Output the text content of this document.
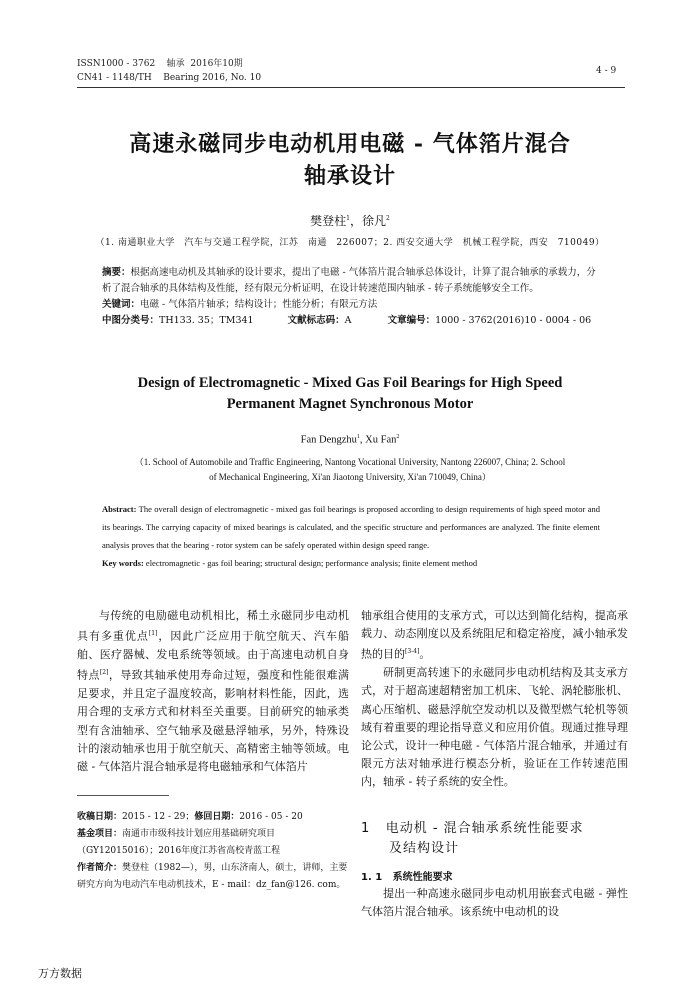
ISSN1000 - 3762 轴承 2016年10期
CN41 - 1148/TH Bearing 2016, No. 10
4 - 9
高速永磁同步电动机用电磁 - 气体箔片混合
轴承设计
樊登柱$^1$，徐凡$^2$
（1. 南通职业大学　汽车与交通工程学院，江苏　南通　226007；2. 西安交通大学　机械工程学院，西安　710049）
摘要：根据高速电动机及其轴承的设计要求，提出了电磁 - 气体箔片混合轴承总体设计，计算了混合轴承的承载力，分析了混合轴承的具体结构及性能，经有限元分析证明，在设计转速范围内轴承 - 转子系统能够安全工作。
关键词：电磁 - 气体箔片轴承；结构设计；性能分析；有限元方法
中图分类号：TH133. 35；TM341	文献标志码：A	文章编号：1000 - 3762(2016)10 - 0004 - 06
Design of Electromagnetic - Mixed Gas Foil Bearings for High Speed
Permanent Magnet Synchronous Motor
Fan Dengzhu$^1$, Xu Fan$^2$
（1. School of Automobile and Traffic Engineering, Nantong Vocational University, Nantong 226007, China; 2. School
of Mechanical Engineering, Xi'an Jiaotong University, Xi'an 710049, China）
Abstract: The overall design of electromagnetic - mixed gas foil bearings is proposed according to design requirements of high speed motor and its bearings. The carrying capacity of mixed bearings is calculated, and the specific structure and performances are analyzed. The finite element analysis proves that the bearing - rotor system can be safely operated within design speed range.
Key words: electromagnetic - gas foil bearing; structural design; performance analysis; finite element method

与传统的电励磁电动机相比，稀土永磁同步电动机具有多重优点[1]，因此广泛应用于航空航天、汽车船舶、医疗器械、发电系统等领域。由于高速电动机自身特点[2]，导致其轴承使用寿命过短，强度和性能很难满足要求，并且定子温度较高，影响材料性能，因此，选用合理的支承方式和材料至关重要。目前研究的轴承类型有含油轴承、空气轴承及磁悬浮轴承，另外，特殊设计的滚动轴承也用于航空航天、高精密主轴等领域。电磁 - 气体箔片混合轴承是将电磁轴承和气体箔片

收稿日期：2015 - 12 - 29；修回日期：2016 - 05 - 20
基金项目：南通市市级科技计划应用基础研究项目（GY12015016）；2016年度江苏省高校青蓝工程
作者简介：樊登柱（1982—），男，山东济南人，硕士，讲师，主要研究方向为电动汽车电动机技术，E - mail：dz_fan@126. com。
轴承组合使用的支承方式，可以达到简化结构，提高承载力、动态刚度以及系统阻尼和稳定裕度，减小轴承发热的目的[3-4]。

研制更高转速下的永磁同步电动机结构及其支承方式，对于超高速超精密加工机床、飞轮、涡轮膨胀机、离心压缩机、磁悬浮航空发动机以及微型燃气轮机等领域有着重要的理论指导意义和应用价值。现通过推导理论公式，设计一种电磁 - 气体箔片混合轴承，并通过有限元方法对轴承进行模态分析，验证在工作转速范围内，轴承 - 转子系统的安全性。

1 电动机 - 混合轴承系统性能要求
及结构设计
1. 1 系统性能要求

提出一种高速永磁同步电动机用嵌套式电磁 - 弹性气体箔片混合轴承。该系统中电动机的设

万方数据
